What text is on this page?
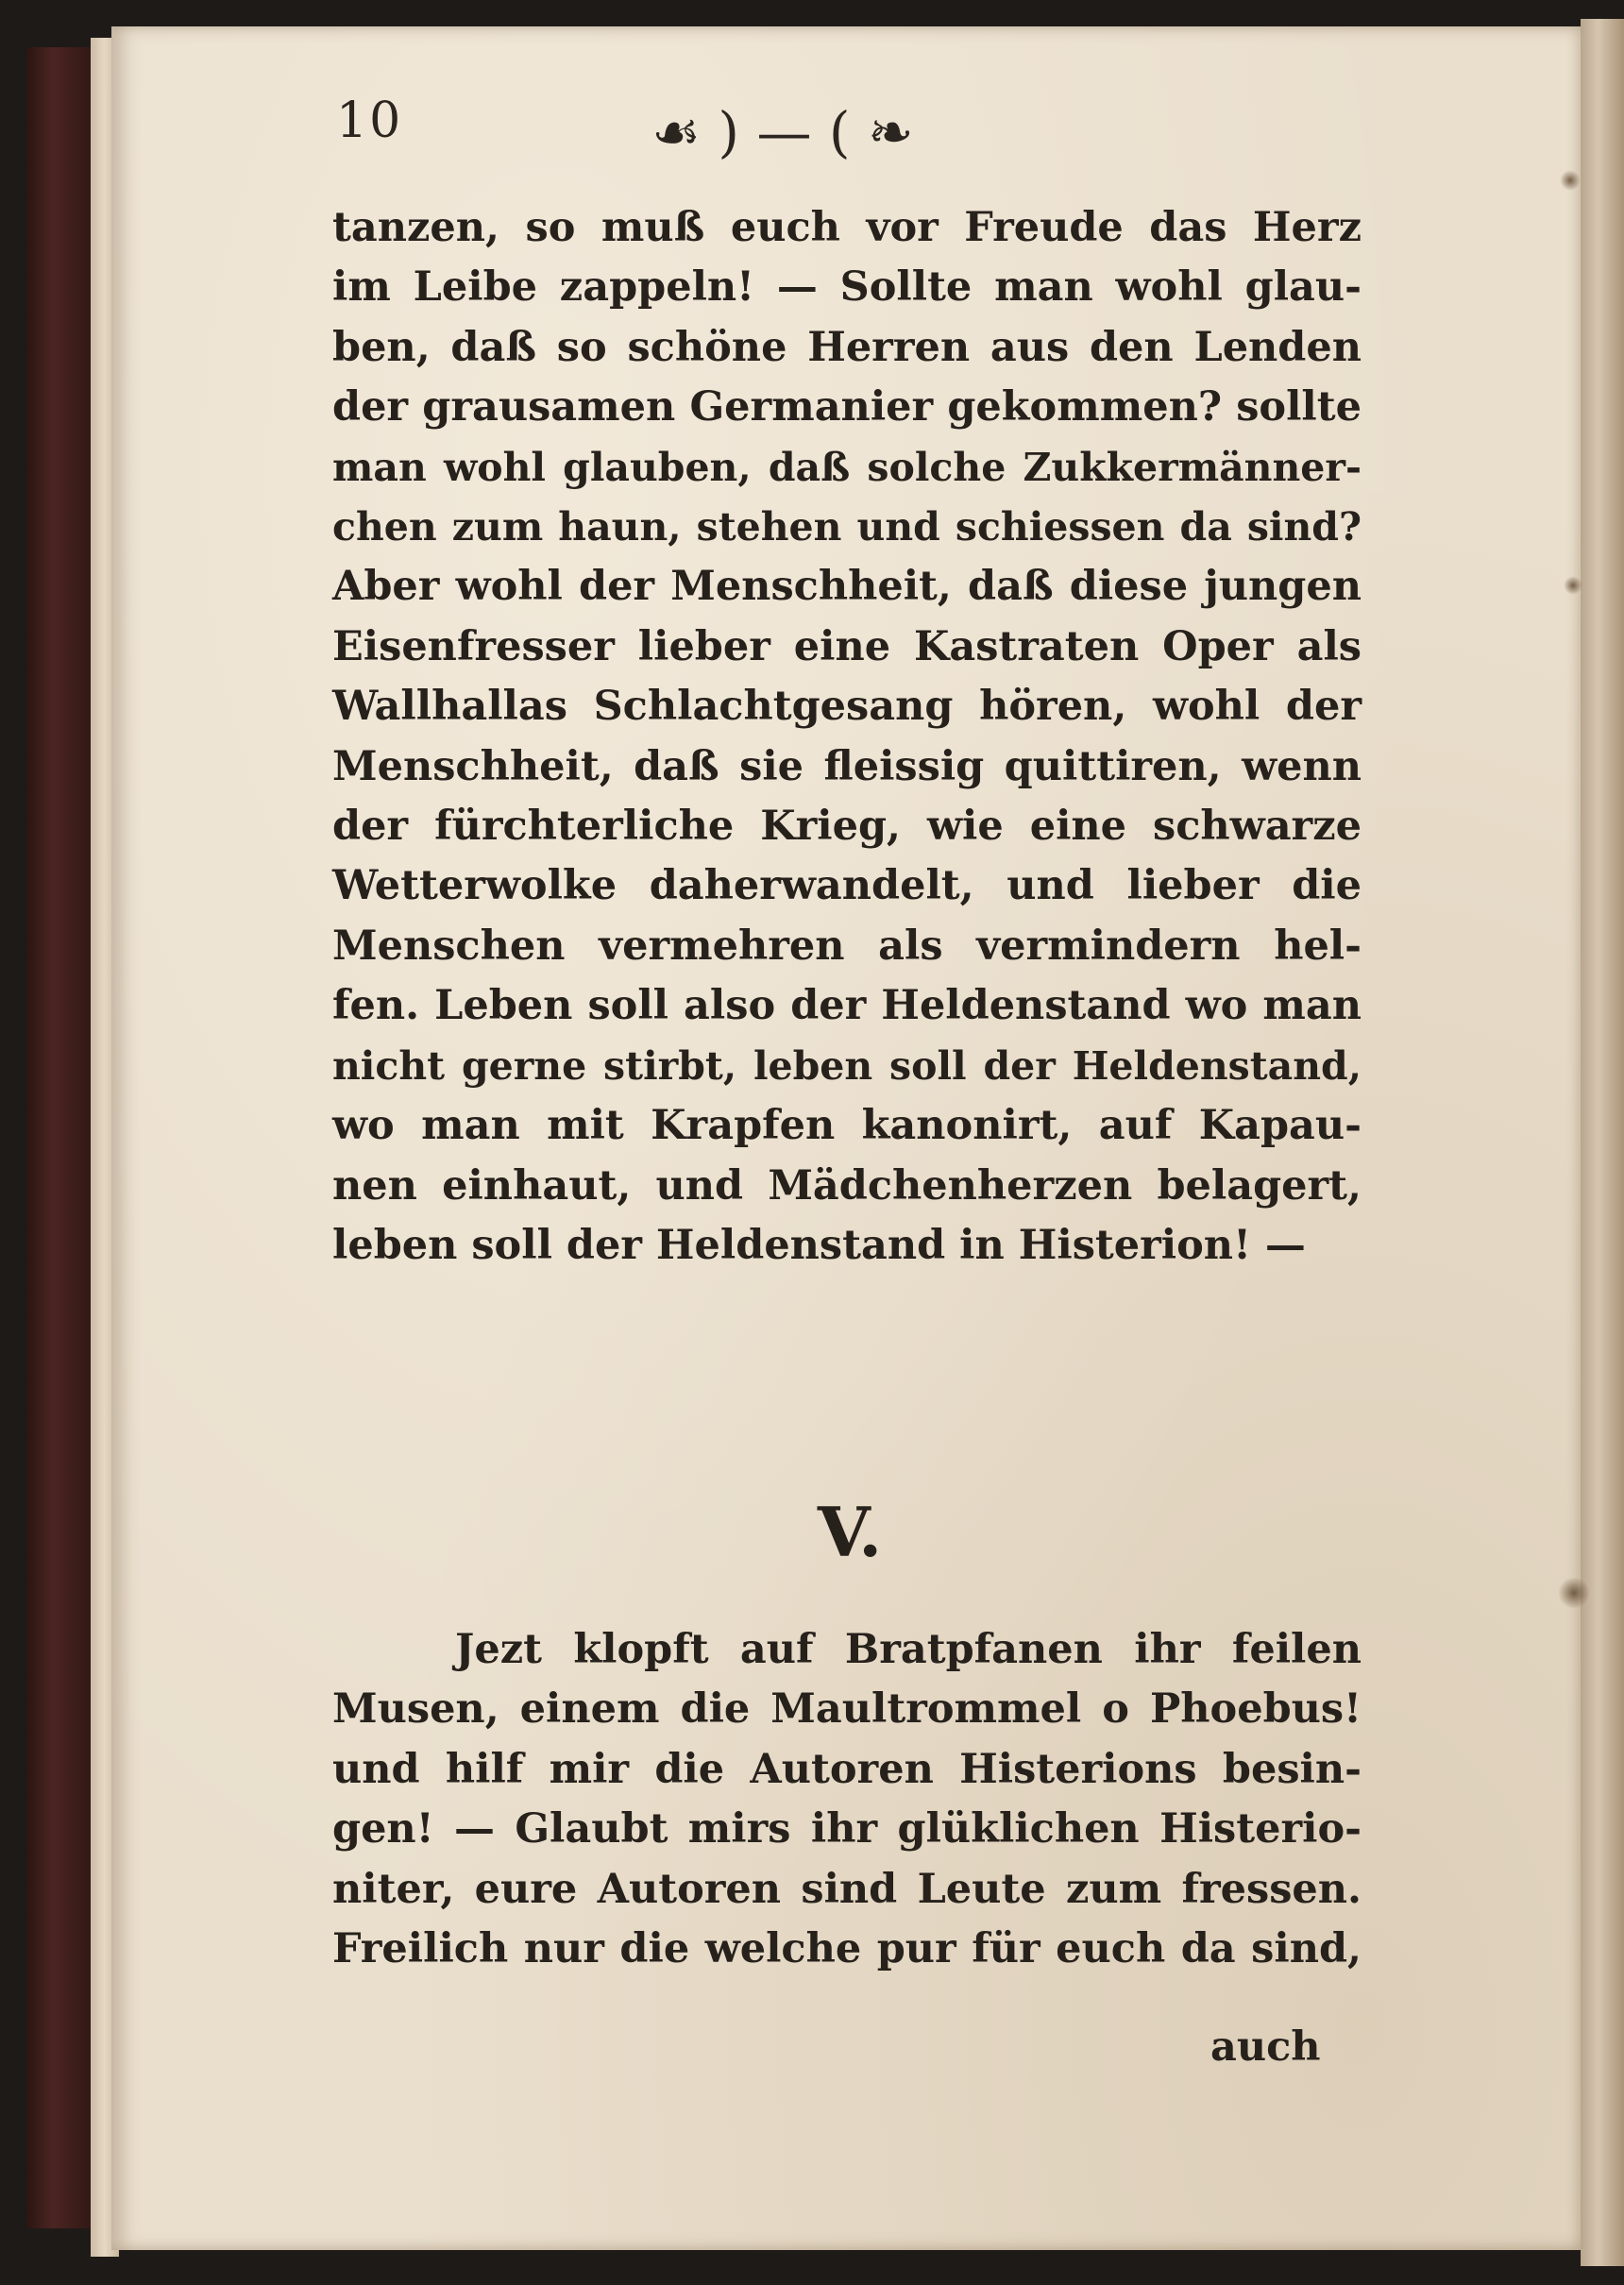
10	☙ ) — ( ❧
tanzen, so muß euch vor Freude das Herz
im Leibe zappeln! — Sollte man wohl glau-
ben, daß so schöne Herren aus den Lenden
der grausamen Germanier gekommen? sollte
man wohl glauben, daß solche Zukkermänner-
chen zum haun, stehen und schiessen da sind?
Aber wohl der Menschheit, daß diese jungen
Eisenfresser lieber eine Kastraten Oper als
Wallhallas Schlachtgesang hören, wohl der
Menschheit, daß sie fleissig quittiren, wenn
der fürchterliche Krieg, wie eine schwarze
Wetterwolke daherwandelt, und lieber die
Menschen vermehren als vermindern hel-
fen. Leben soll also der Heldenstand wo man
nicht gerne stirbt, leben soll der Heldenstand,
wo man mit Krapfen kanonirt, auf Kapau-
nen einhaut, und Mädchenherzen belagert,
leben soll der Heldenstand in Histerion! —
V.
Jezt klopft auf Bratpfanen ihr feilen
Musen, einem die Maultrommel o Phoebus!
und hilf mir die Autoren Histerions besin-
gen! — Glaubt mirs ihr glüklichen Histerio-
niter, eure Autoren sind Leute zum fressen.
Freilich nur die welche pur für euch da sind,
auch
